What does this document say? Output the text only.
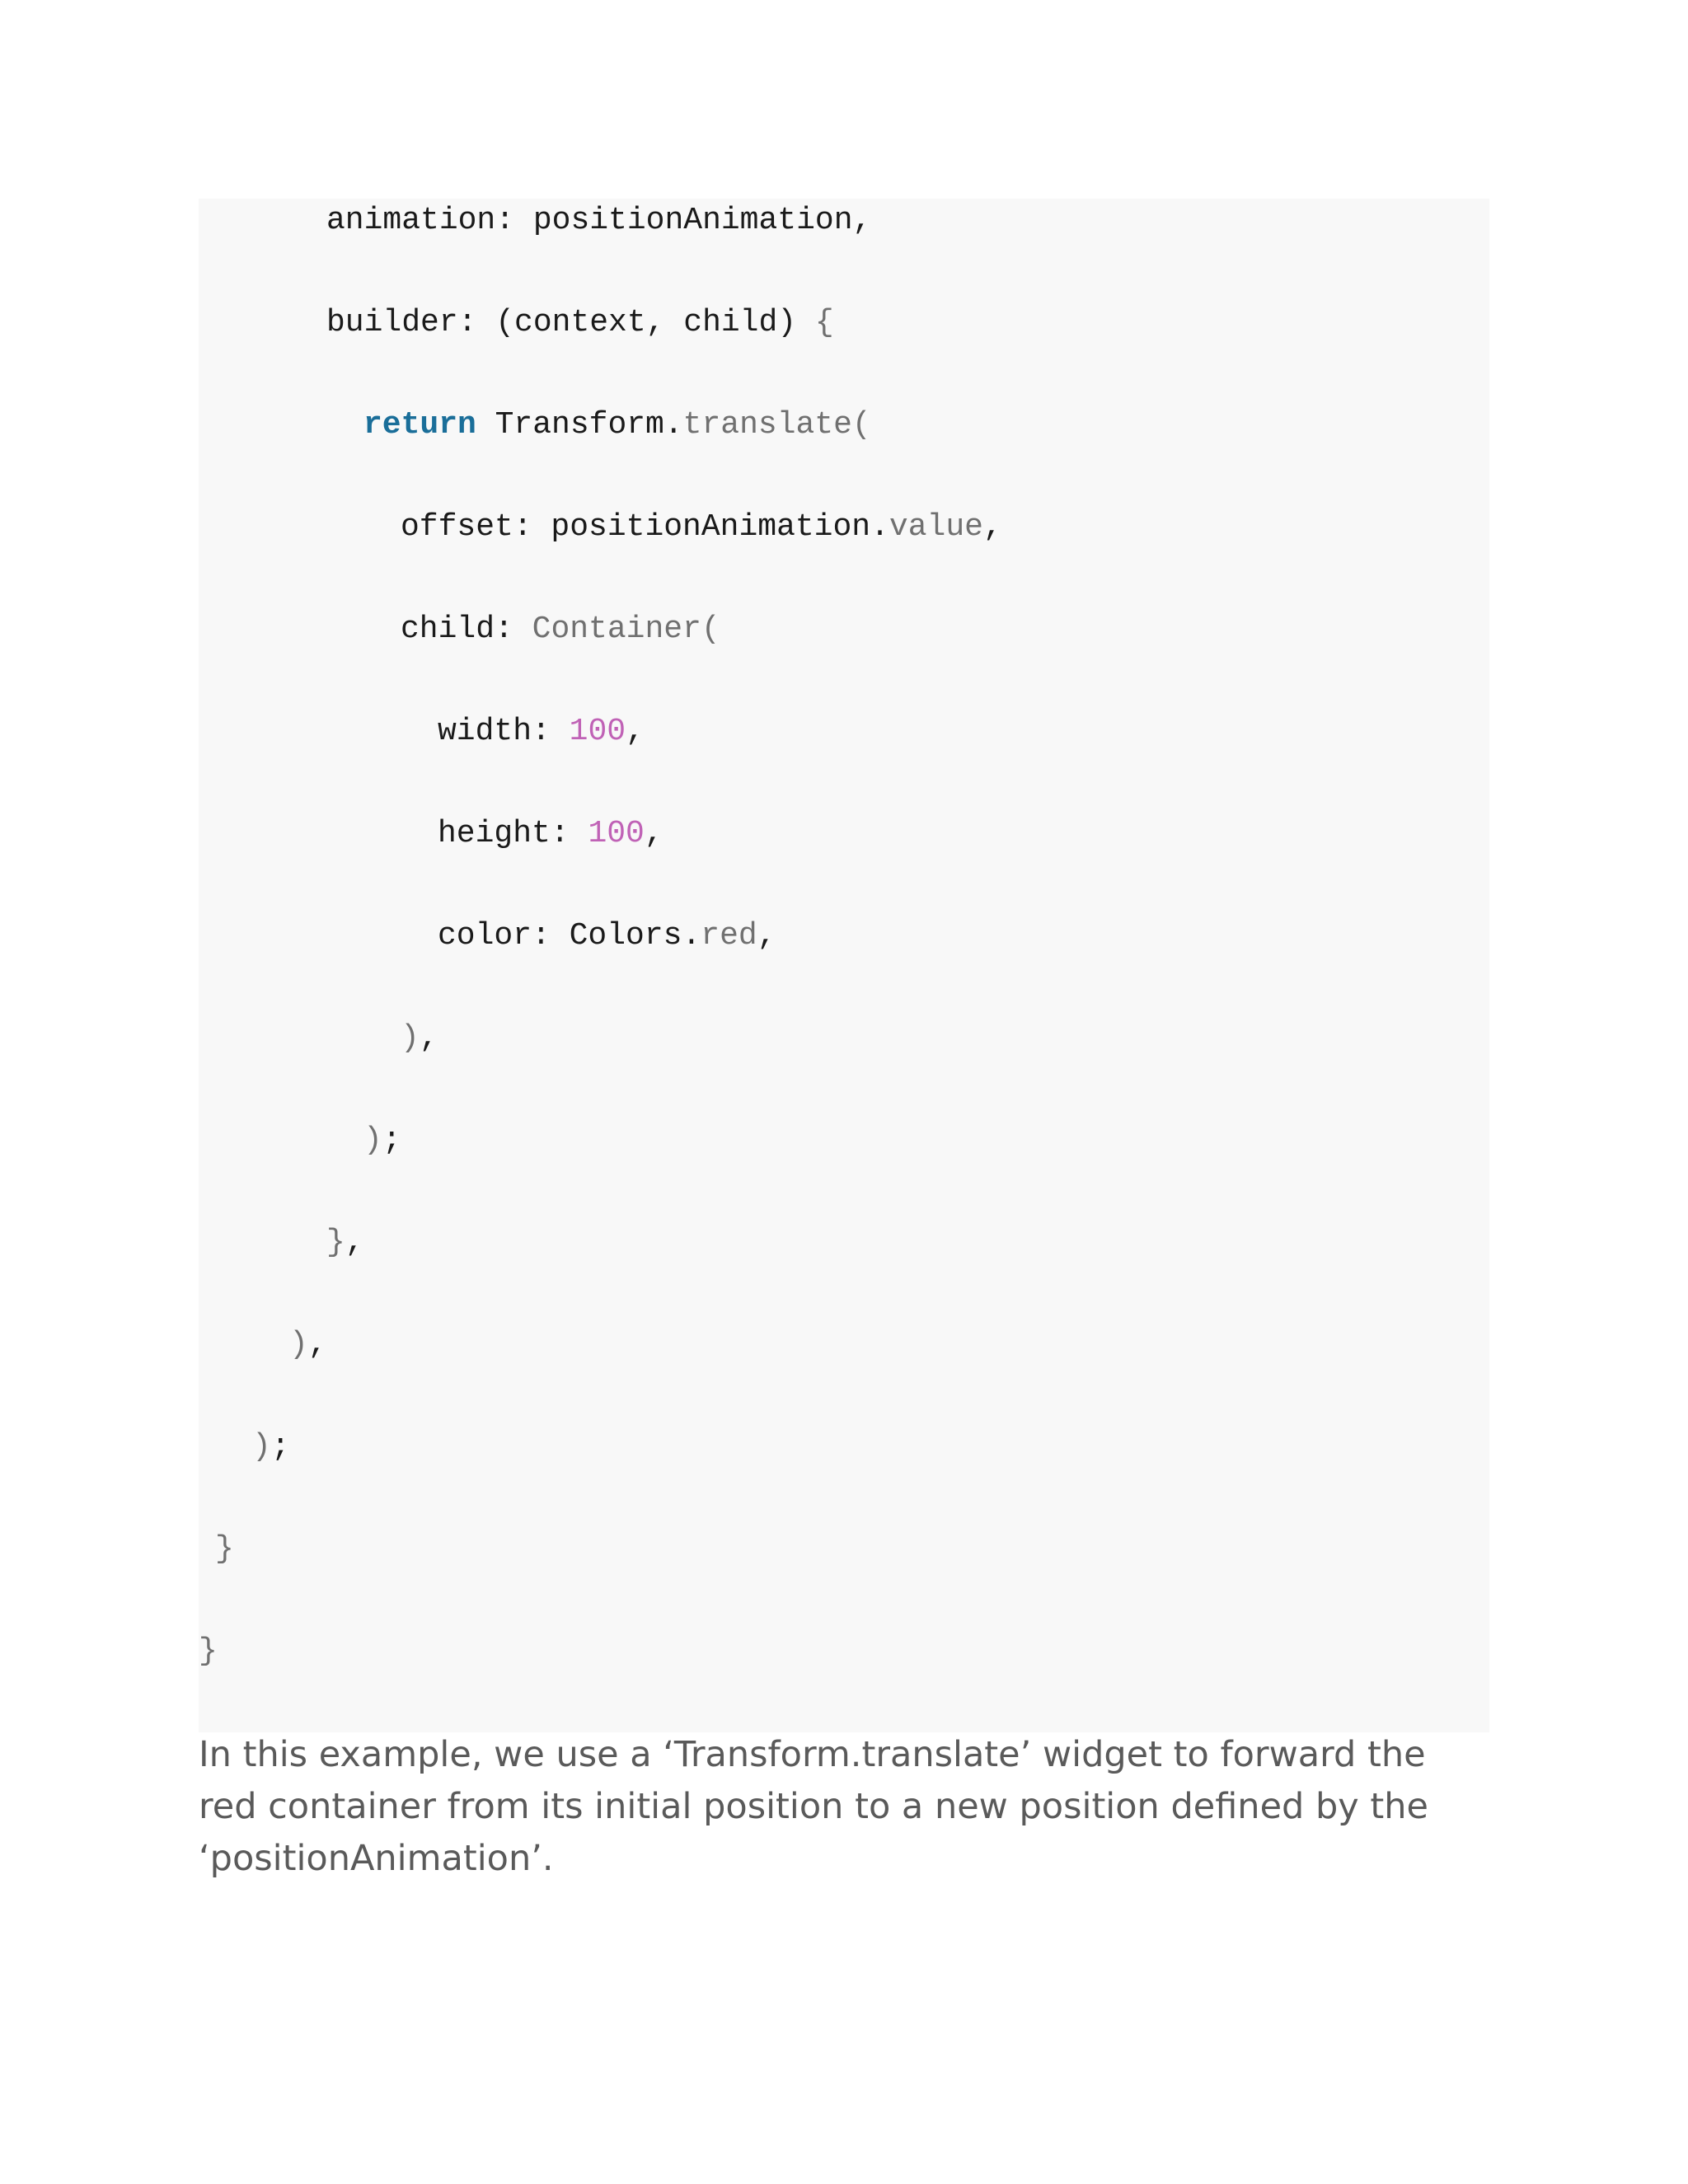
animation: positionAnimation,
builder: (context, child) {
return Transform.translate(
offset: positionAnimation.value,
child: Container(
width: 100,
height: 100,
color: Colors.red,
),
);
},
),
);
}
}

In this example, we use a ‘Transform.translate’ widget to forward the red container from its initial position to a new position defined by the ‘positionAnimation’.
